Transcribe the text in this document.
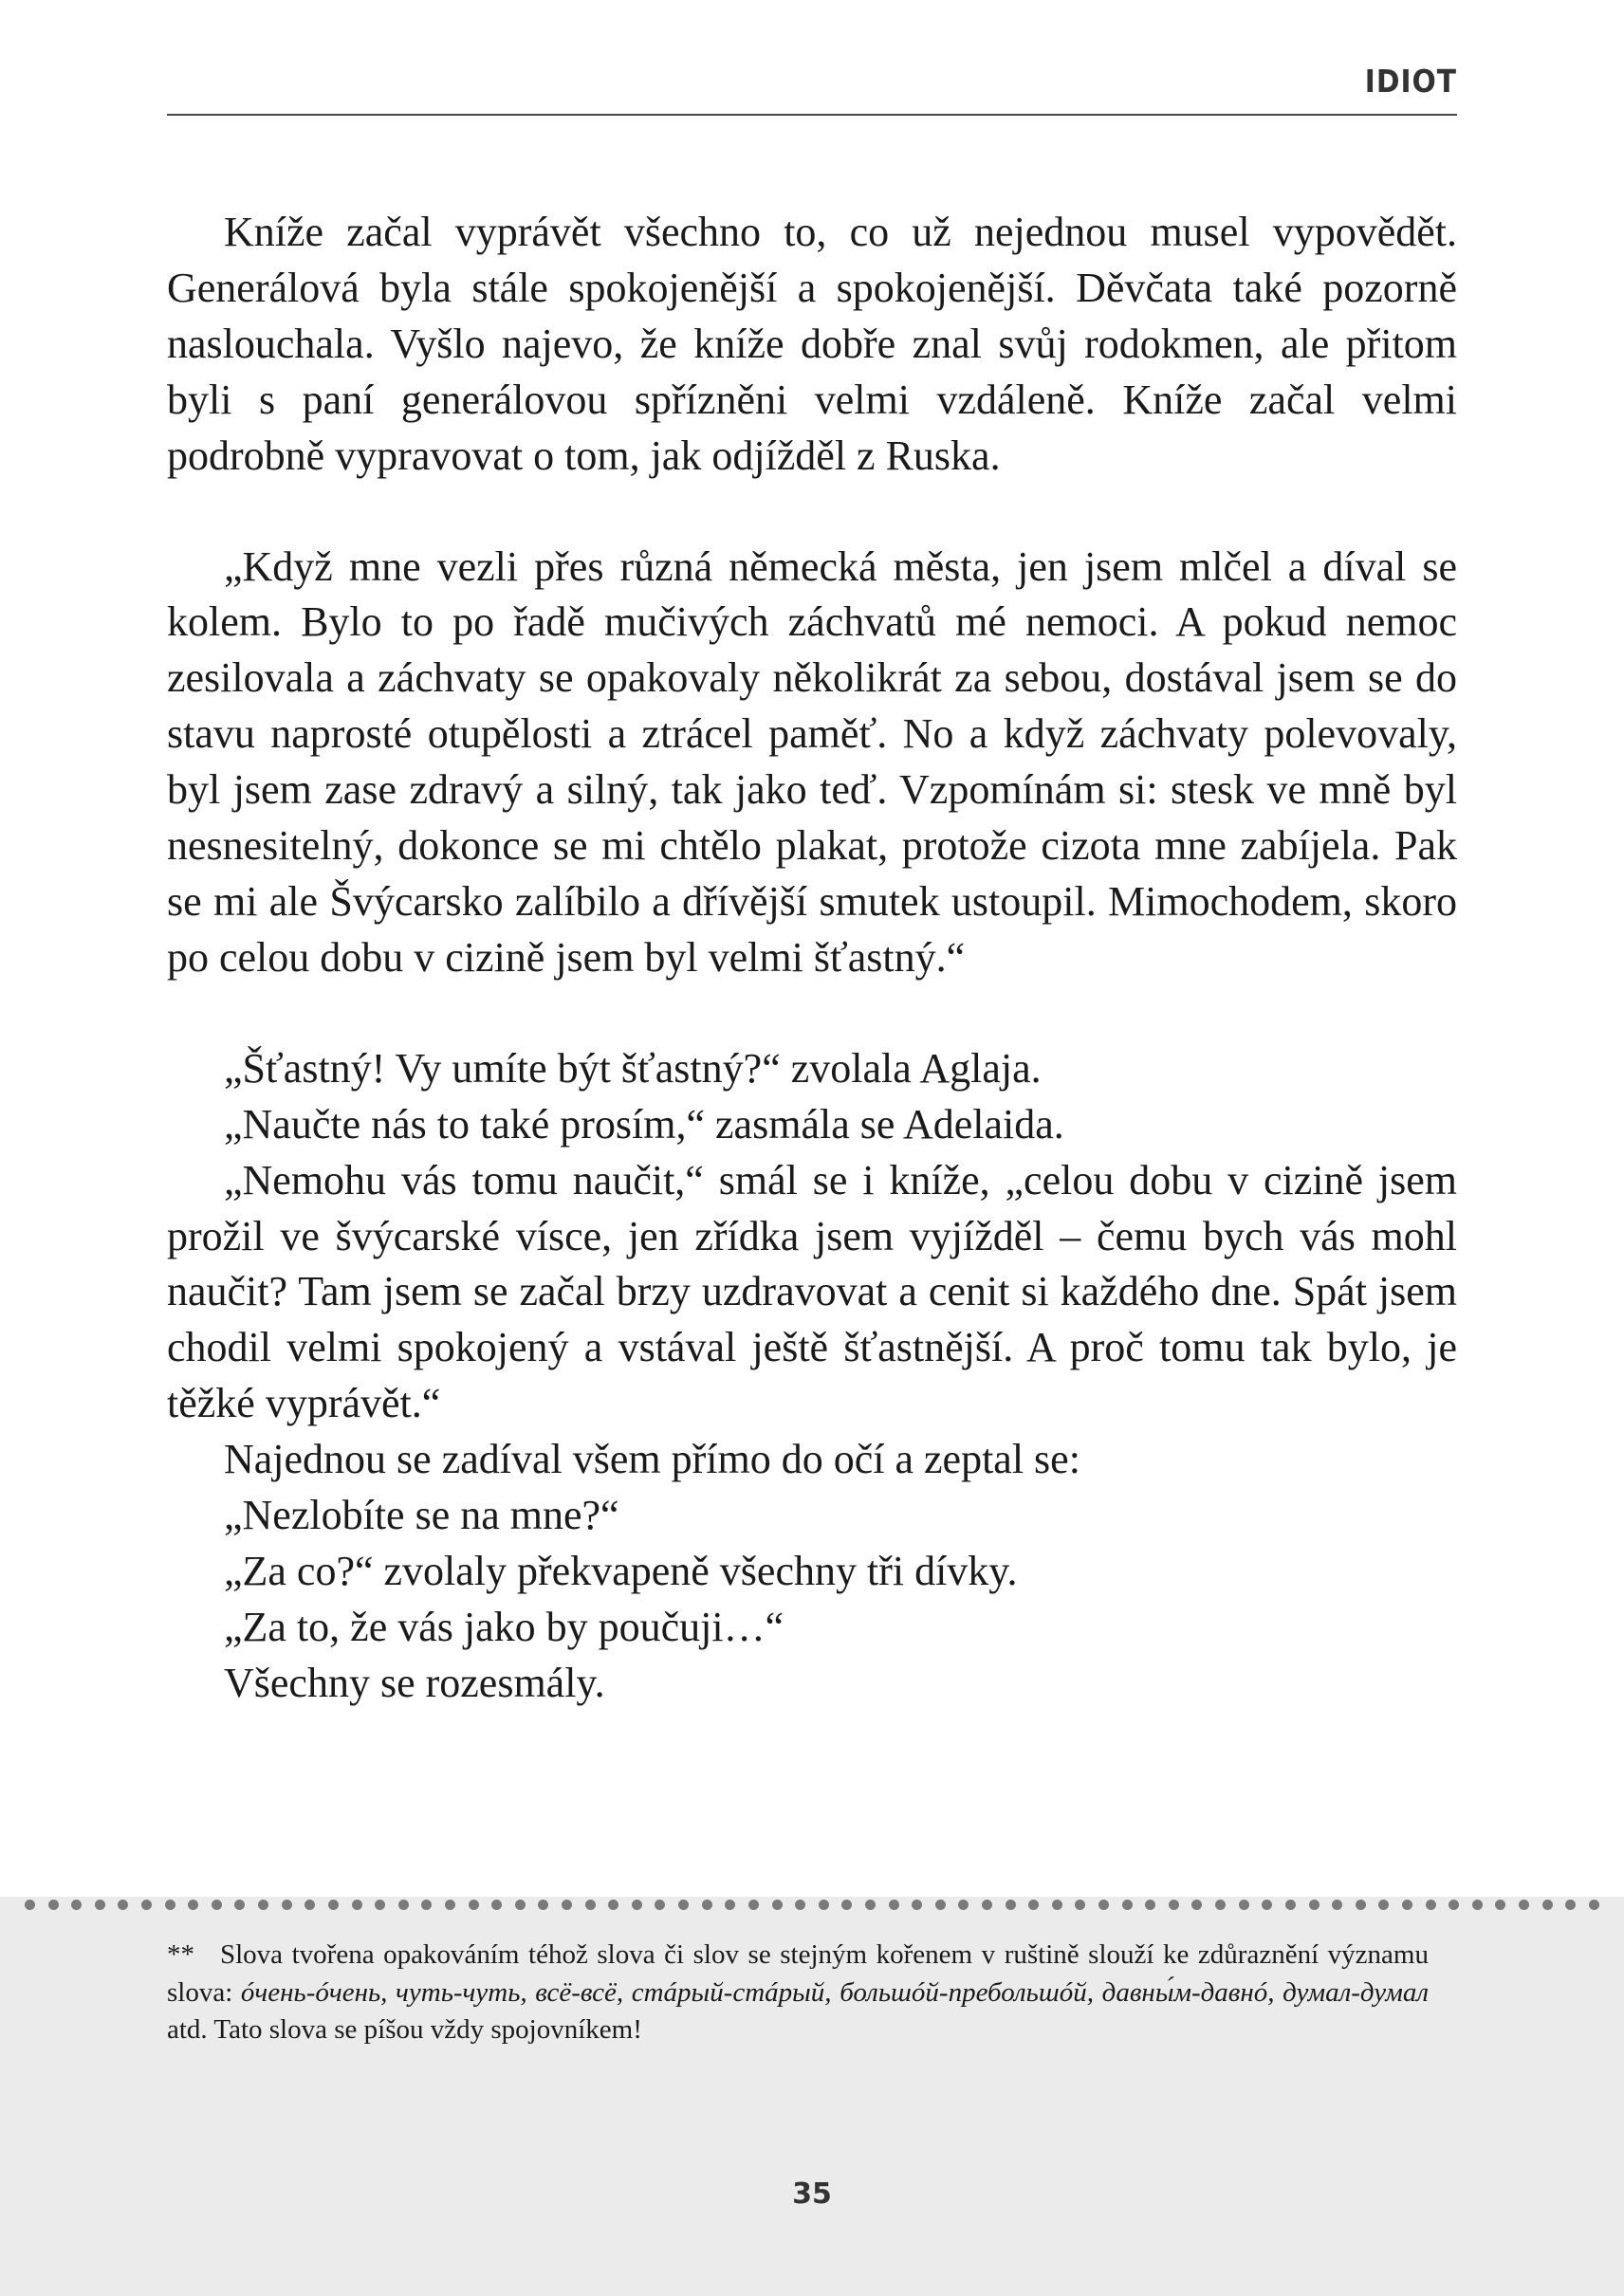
IDIOT

Kníže začal vyprávět všechno to, co už nejednou musel vypovědět. Generálová byla stále spokojenější a spokojenější. Děvčata také pozorně naslouchala. Vyšlo najevo, že kníže dobře znal svůj rodokmen, ale přitom byli s paní generálovou spřízněni velmi vzdáleně. Kníže začal velmi podrobně vypravovat o tom, jak odjížděl z Ruska.

„Když mne vezli přes různá německá města, jen jsem mlčel a díval se kolem. Bylo to po řadě mučivých záchvatů mé nemoci. A pokud nemoc zesilovala a záchvaty se opakovaly několikrát za sebou, dostával jsem se do stavu naprosté otupělosti a ztrácel paměť. No a když záchvaty polevovaly, byl jsem zase zdravý a silný, tak jako teď. Vzpomínám si: stesk ve mně byl nesnesitelný, dokonce se mi chtělo plakat, protože cizota mne zabíjela. Pak se mi ale Švýcarsko zalíbilo a dřívější smutek ustoupil. Mimochodem, skoro po celou dobu v cizině jsem byl velmi šťastný.“

„Šťastný! Vy umíte být šťastný?“ zvolala Aglaja.

„Naučte nás to také prosím,“ zasmála se Adelaida.

„Nemohu vás tomu naučit,“ smál se i kníže, „celou dobu v cizině jsem prožil ve švýcarské vísce, jen zřídka jsem vyjížděl – čemu bych vás mohl naučit? Tam jsem se začal brzy uzdravovat a cenit si každého dne. Spát jsem chodil velmi spokojený a vstával ještě šťastnější. A proč tomu tak bylo, je těžké vyprávět.“

Najednou se zadíval všem přímo do očí a zeptal se:

„Nezlobíte se na mne?“

„Za co?“ zvolaly překvapeně všechny tři dívky.

„Za to, že vás jako by poučuji…“

Všechny se rozesmály.

** Slova tvořena opakováním téhož slova či slov se stejným kořenem v ruštině slouží ke zdůraznění významu slova: óчень-óчень, чуть-чуть, всё-всё, стáрый-стáрый, большóй-пребольшóй, давны́м-давнó, думал-думал atd. Tato slova se píšou vždy spojovníkem!
35
